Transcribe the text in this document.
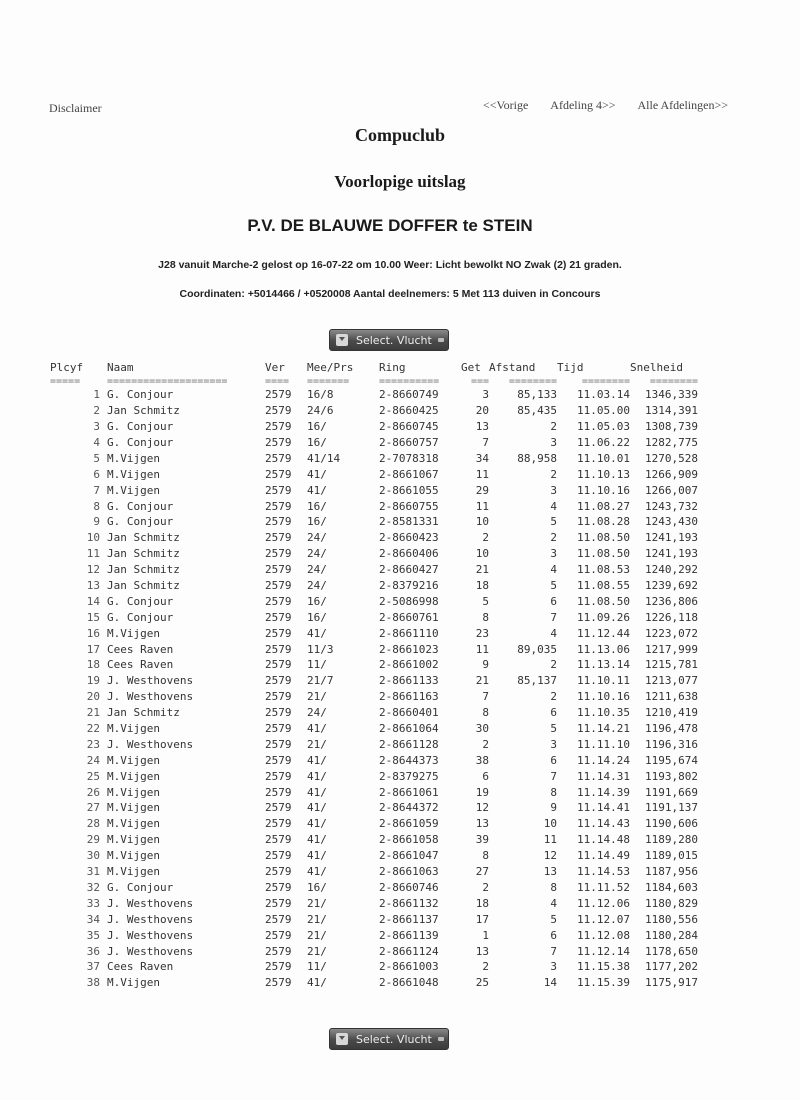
Disclaimer	<<Vorige Afdeling 4>> Alle Afdelingen>>
Compuclub
Voorlopige uitslag
P.V. DE BLAUWE DOFFER te STEIN
J28 vanuit Marche-2 gelost op 16-07-22 om 10.00 Weer: Licht bewolkt NO Zwak (2) 21 graden.
Coordinaten: +5014466 / +0520008 Aantal deelnemers: 5 Met 113 duiven in Concours
Select. Vlucht
Plcyf	Naam	Ver	Mee/Prs	Ring	Get	Afstand	Tijd	Snelheid
=====	====================	====	=======	==========	===	========	========	========
1	G. Conjour	2579	16/8	2-8660749	3	85,133	11.03.14	1346,339
2	Jan Schmitz	2579	24/6	2-8660425	20	85,435	11.05.00	1314,391
3	G. Conjour	2579	16/	2-8660745	13	2	11.05.03	1308,739
4	G. Conjour	2579	16/	2-8660757	7	3	11.06.22	1282,775
5	M.Vijgen	2579	41/14	2-7078318	34	88,958	11.10.01	1270,528
6	M.Vijgen	2579	41/	2-8661067	11	2	11.10.13	1266,909
7	M.Vijgen	2579	41/	2-8661055	29	3	11.10.16	1266,007
8	G. Conjour	2579	16/	2-8660755	11	4	11.08.27	1243,732
9	G. Conjour	2579	16/	2-8581331	10	5	11.08.28	1243,430
10	Jan Schmitz	2579	24/	2-8660423	2	2	11.08.50	1241,193
11	Jan Schmitz	2579	24/	2-8660406	10	3	11.08.50	1241,193
12	Jan Schmitz	2579	24/	2-8660427	21	4	11.08.53	1240,292
13	Jan Schmitz	2579	24/	2-8379216	18	5	11.08.55	1239,692
14	G. Conjour	2579	16/	2-5086998	5	6	11.08.50	1236,806
15	G. Conjour	2579	16/	2-8660761	8	7	11.09.26	1226,118
16	M.Vijgen	2579	41/	2-8661110	23	4	11.12.44	1223,072
17	Cees Raven	2579	11/3	2-8661023	11	89,035	11.13.06	1217,999
18	Cees Raven	2579	11/	2-8661002	9	2	11.13.14	1215,781
19	J. Westhovens	2579	21/7	2-8661133	21	85,137	11.10.11	1213,077
20	J. Westhovens	2579	21/	2-8661163	7	2	11.10.16	1211,638
21	Jan Schmitz	2579	24/	2-8660401	8	6	11.10.35	1210,419
22	M.Vijgen	2579	41/	2-8661064	30	5	11.14.21	1196,478
23	J. Westhovens	2579	21/	2-8661128	2	3	11.11.10	1196,316
24	M.Vijgen	2579	41/	2-8644373	38	6	11.14.24	1195,674
25	M.Vijgen	2579	41/	2-8379275	6	7	11.14.31	1193,802
26	M.Vijgen	2579	41/	2-8661061	19	8	11.14.39	1191,669
27	M.Vijgen	2579	41/	2-8644372	12	9	11.14.41	1191,137
28	M.Vijgen	2579	41/	2-8661059	13	10	11.14.43	1190,606
29	M.Vijgen	2579	41/	2-8661058	39	11	11.14.48	1189,280
30	M.Vijgen	2579	41/	2-8661047	8	12	11.14.49	1189,015
31	M.Vijgen	2579	41/	2-8661063	27	13	11.14.53	1187,956
32	G. Conjour	2579	16/	2-8660746	2	8	11.11.52	1184,603
33	J. Westhovens	2579	21/	2-8661132	18	4	11.12.06	1180,829
34	J. Westhovens	2579	21/	2-8661137	17	5	11.12.07	1180,556
35	J. Westhovens	2579	21/	2-8661139	1	6	11.12.08	1180,284
36	J. Westhovens	2579	21/	2-8661124	13	7	11.12.14	1178,650
37	Cees Raven	2579	11/	2-8661003	2	3	11.15.38	1177,202
38	M.Vijgen	2579	41/	2-8661048	25	14	11.15.39	1175,917
Select. Vlucht
